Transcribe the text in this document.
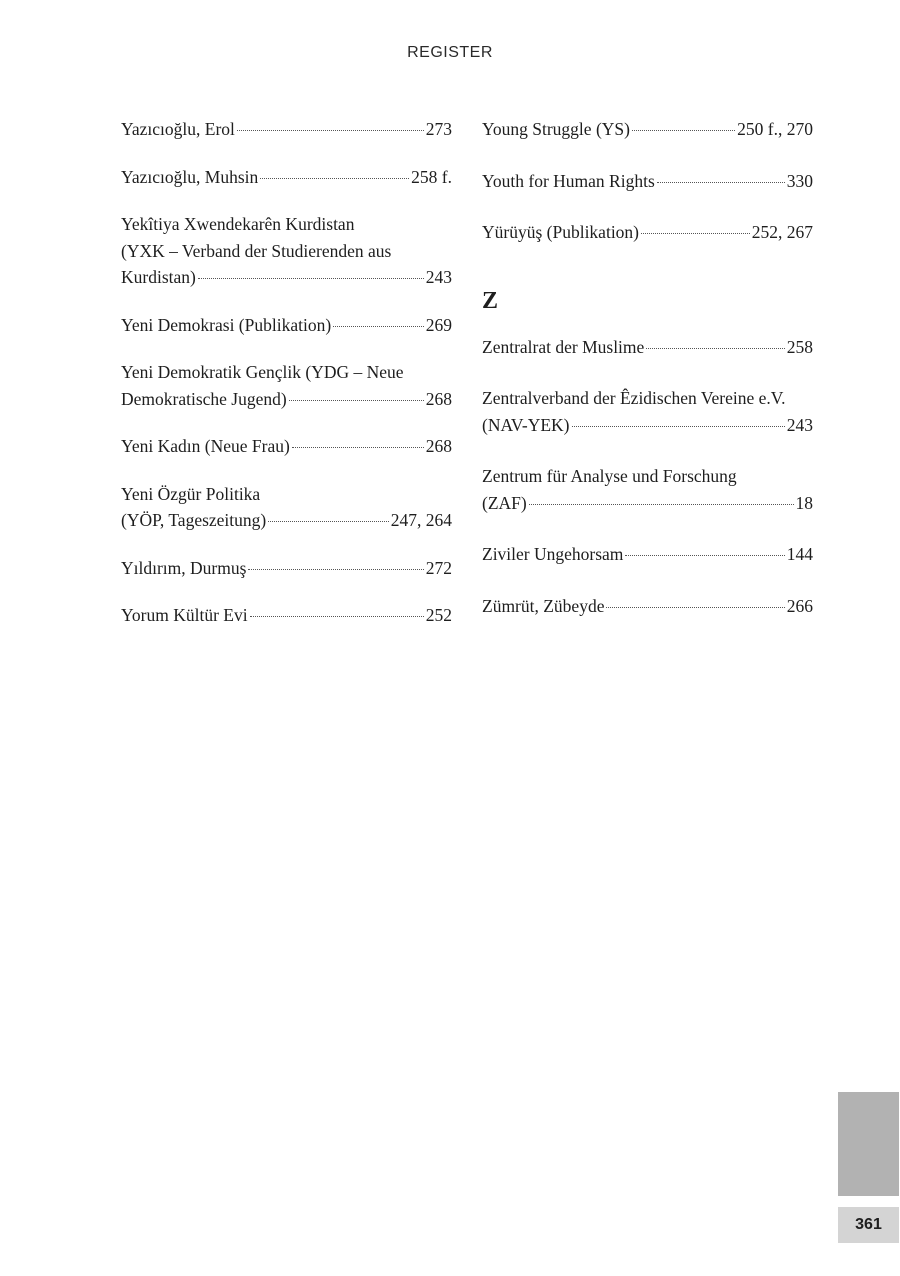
REGISTER
Yazıcıoğlu, Erol	273
Yazıcıoğlu, Muhsin	258 f.
Yekîtiya Xwendekarên Kurdistan
(YXK – Verband der Studierenden aus
Kurdistan)	243
Yeni Demokrasi (Publikation)	269
Yeni Demokratik Gençlik (YDG – Neue
Demokratische Jugend)	268
Yeni Kadın (Neue Frau)	268
Yeni Özgür Politika
(YÖP, Tageszeitung)	247, 264
Yıldırım, Durmuş	272
Yorum Kültür Evi	252
Young Struggle (YS)	250 f., 270
Youth for Human Rights	330
Yürüyüş (Publikation)	252, 267
Z
Zentralrat der Muslime	258
Zentralverband der Êzidischen Vereine e.V.
(NAV-YEK)	243
Zentrum für Analyse und Forschung
(ZAF)	18
Ziviler Ungehorsam	144
Zümrüt, Zübeyde	266
361
